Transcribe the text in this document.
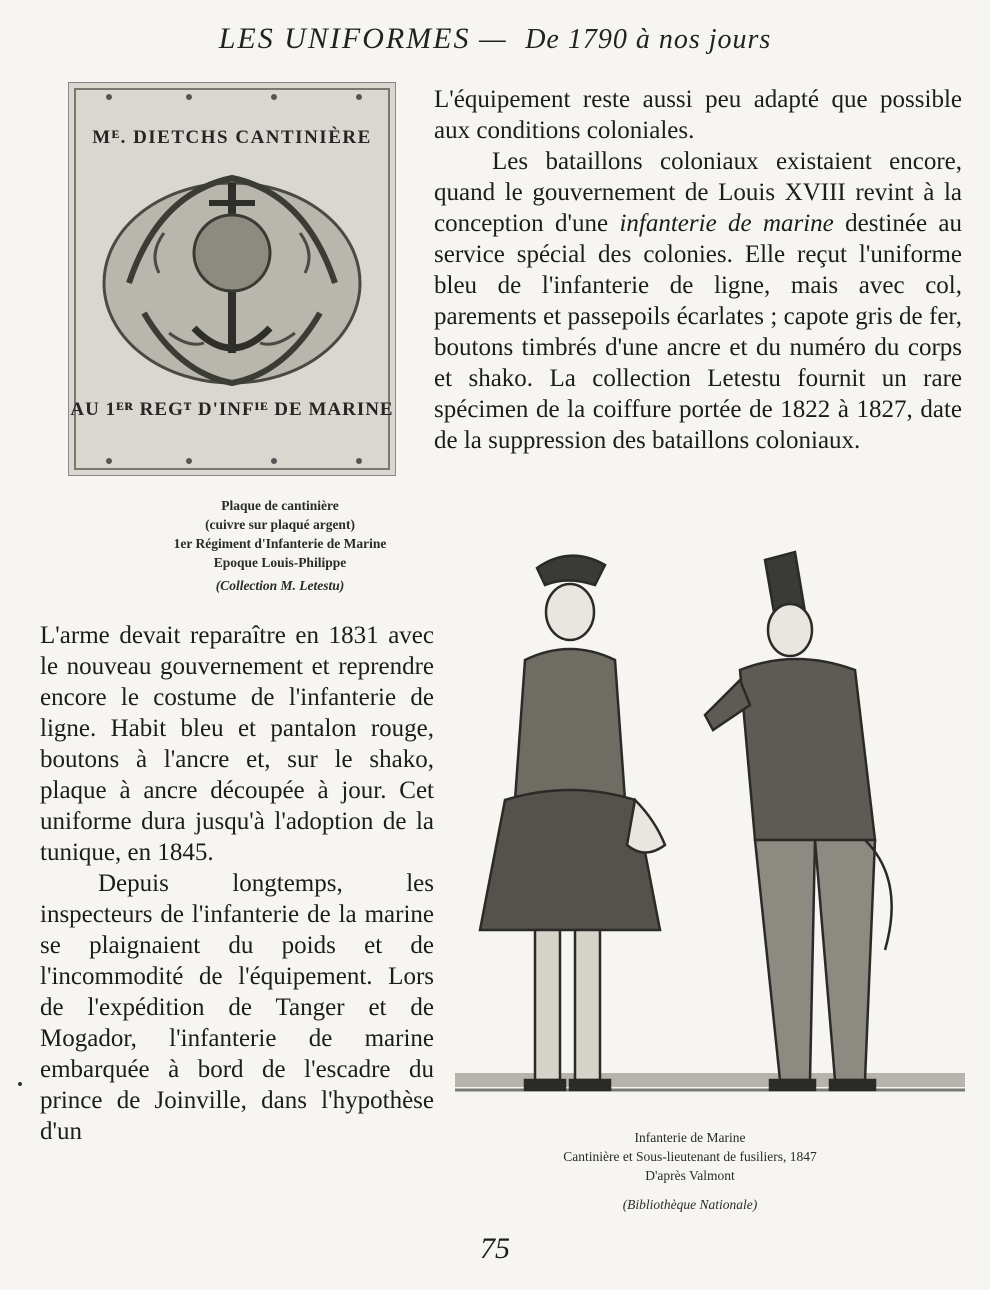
LES UNIFORMES — De 1790 à nos jours
Mᴱ. DIETCHS CANTINIÈRE
AU 1ᴱᴿ REGᵀ D'INFᴵᴱ DE MARINE
Plaque de cantinière
(cuivre sur plaqué argent)
1er Régiment d'Infanterie de Marine
Epoque Louis-Philippe
(Collection M. Letestu)

L'équipement reste aussi peu adapté que possible aux conditions coloniales.

Les bataillons coloniaux existaient encore, quand le gouvernement de Louis XVIII revint à la conception d'une infanterie de marine destinée au service spécial des colonies. Elle reçut l'uniforme bleu de l'infanterie de ligne, mais avec col, parements et passepoils écarlates ; capote gris de fer, boutons timbrés d'une ancre et du numéro du corps et shako. La collection Letestu fournit un rare spécimen de la coiffure portée de 1822 à 1827, date de la suppression des bataillons coloniaux.

L'arme devait reparaître en 1831 avec le nouveau gouvernement et reprendre encore le costume de l'infanterie de ligne. Habit bleu et pantalon rouge, boutons à l'ancre et, sur le shako, plaque à ancre découpée à jour. Cet uniforme dura jusqu'à l'adoption de la tunique, en 1845.

Depuis longtemps, les inspecteurs de l'infanterie de la marine se plaignaient du poids et de l'incommodité de l'équipement. Lors de l'expédition de Tanger et de Mogador, l'infanterie de marine embarquée à bord de l'escadre du prince de Joinville, dans l'hypothèse d'un	Infanterie de Marine
Cantinière et Sous-lieutenant de fusiliers, 1847
D'après Valmont
(Bibliothèque Nationale)
75
